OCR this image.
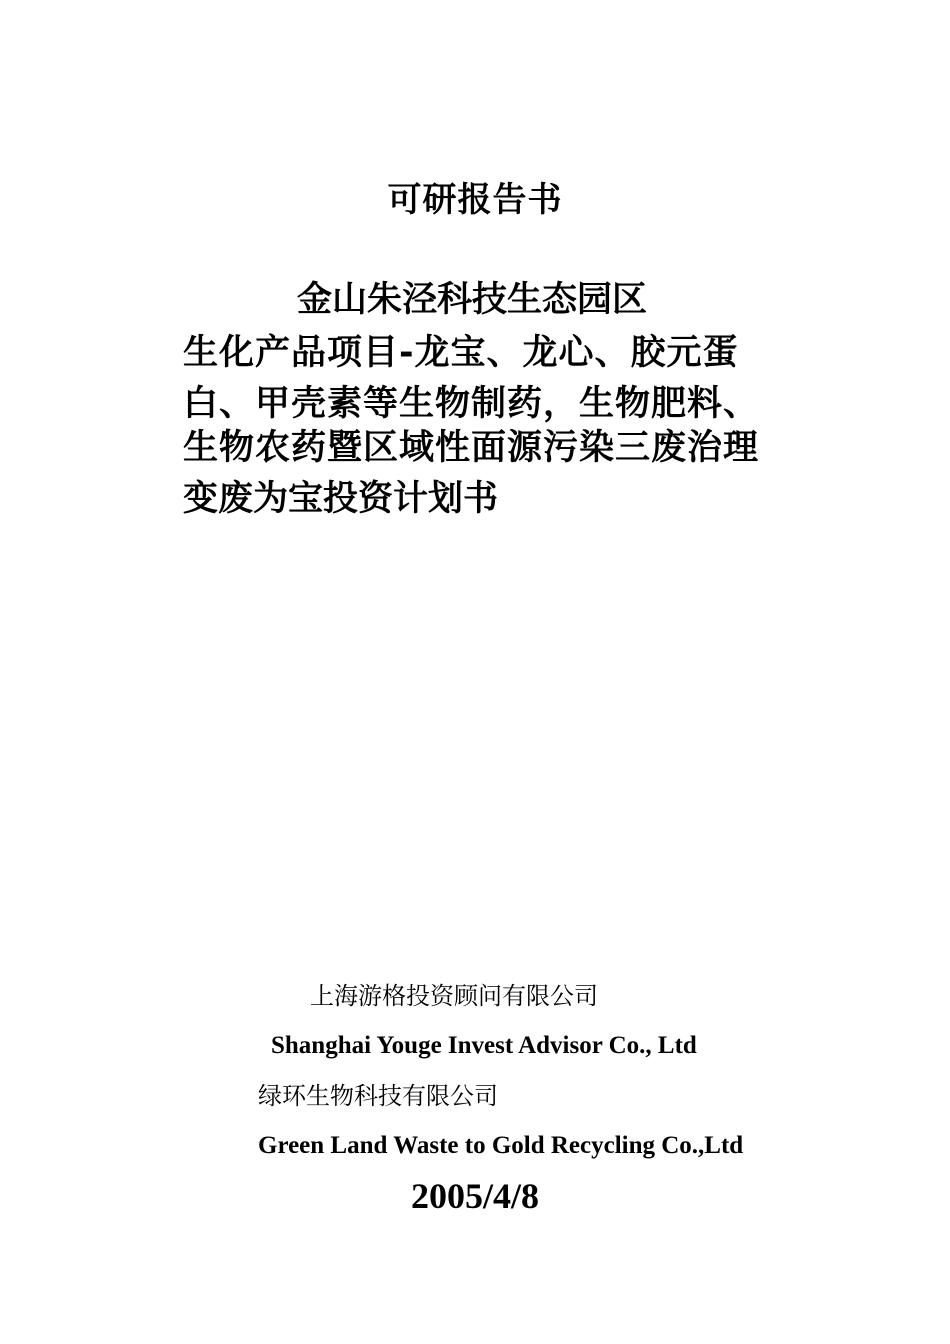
可研报告书
金山朱泾科技生态园区
生化产品项目-龙宝、龙心、胶元蛋
白、甲壳素等生物制药，生物肥料、
生物农药暨区域性面源污染三废治理
变废为宝投资计划书
上海游格投资顾问有限公司
Shanghai Youge Invest Advisor Co., Ltd
绿环生物科技有限公司
Green Land Waste to Gold Recycling Co.,Ltd
2005/4/8
